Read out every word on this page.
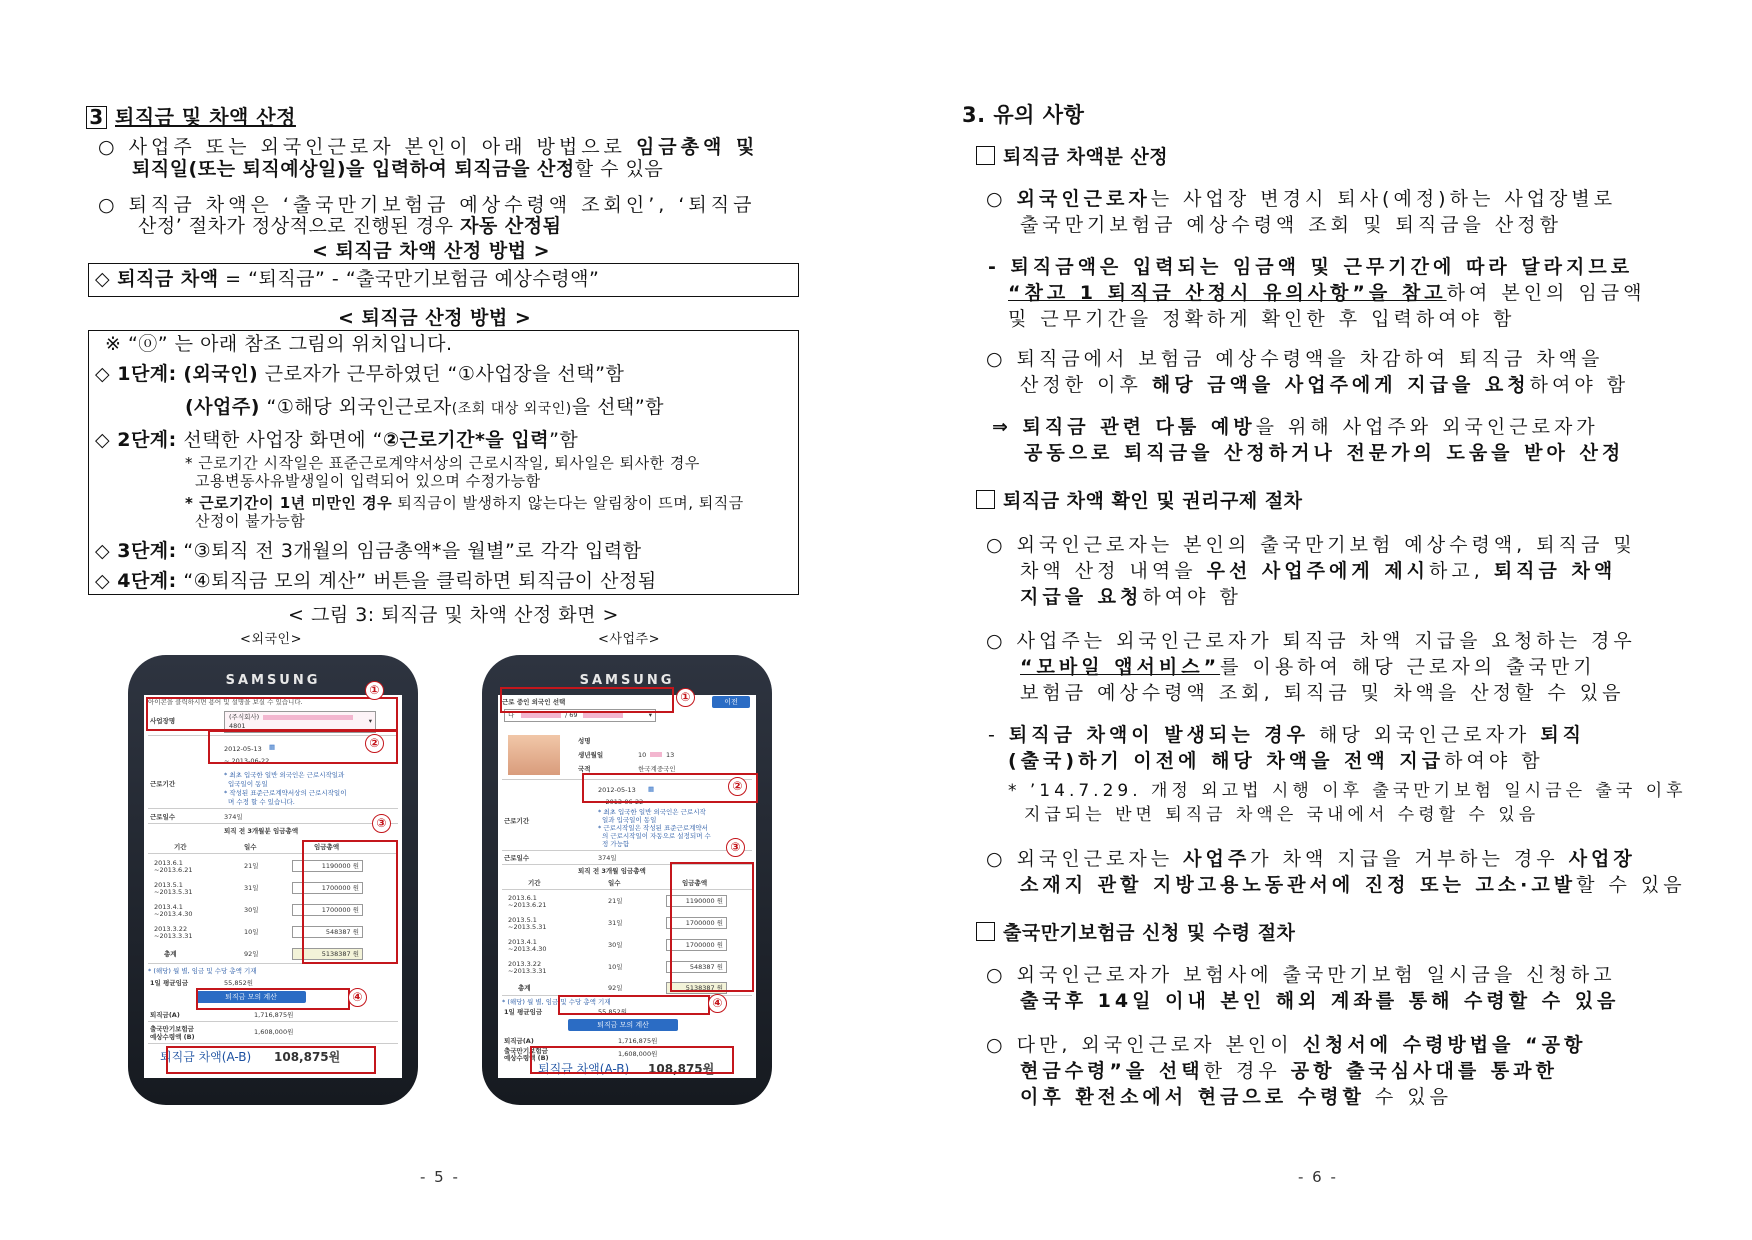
3 퇴직금 및 차액 산정
○ 사업주 또는 외국인근로자 본인이 아래 방법으로 임금총액 및
퇴직일(또는 퇴직예상일)을 입력하여 퇴직금을 산정할 수 있음
○ 퇴직금 차액은 ‘출국만기보험금 예상수령액 조회인’, ‘퇴직금
산정’ 절차가 정상적으로 진행된 경우 자동 산정됨
< 퇴직금 차액 산정 방법 >
◇ 퇴직금 차액 = “퇴직금” - “출국만기보험금 예상수령액”
< 퇴직금 산정 방법 >
※ “ⓞ” 는 아래 참조 그림의 위치입니다.
◇ 1단계: (외국인) 근로자가 근무하였던 “①사업장을 선택”함
(사업주) “①해당 외국인근로자(조회 대상 외국인)을 선택”함
◇ 2단계: 선택한 사업장 화면에 “②근로기간*을 입력”함
* 근로기간 시작일은 표준근로계약서상의 근로시작일, 퇴사일은 퇴사한 경우
고용변동사유발생일이 입력되어 있으며 수정가능함
* 근로기간이 1년 미만인 경우 퇴직금이 발생하지 않는다는 알림창이 뜨며, 퇴직금
산정이 불가능함
◇ 3단계: “③퇴직 전 3개월의 임금총액*을 월별”로 각각 입력함
◇ 4단계: “④퇴직금 모의 계산” 버튼을 클릭하면 퇴직금이 산정됨
< 그림 3: 퇴직금 및 차액 산정 화면 >
<외국인>	<사업주>
SAMSUNG
아이콘을 클릭하시면 용어 및 설명을 보실 수 있습니다.
사업장명	(주식회사)
4801
▾
2012-05-13
~ 2013-06-22
▦
근로기간
* 최초 입국한 일반 외국인은 근로시작일과
입국일이 동일
* 작성된 표준근로계약서상의 근로시작일이
며 수정 할 수 있습니다.
근로일수	374일
퇴직 전 3개월분 임금총액
기간	일수	임금총액
2013.6.1
~2013.6.21	21일	1190000 원
2013.5.1
~2013.5.31	31일	1700000 원
2013.4.1
~2013.4.30	30일	1700000 원
2013.3.22
~2013.3.31	10일	548387 원
총계	92일	5138387 원
* (해당) 월 별, 임금 및 수당 총액 기재
1일 평균임금	55,852원
퇴직금 모의 계산
퇴직금(A)	1,716,875원
출국만기보험금
예상수령액 (B)
1,608,000원
퇴직금 차액(A-B) 108,875원
①
②
③
④
SAMSUNG
근로 중인 외국인 선택	이전
나	/ 69	▾
성명
생년월일	10	13
국적	한국계중국인
2012-05-13
~ 2013-06-22
▦
근로기간
* 최초 입국한 일반 외국인은 근로시작
일과 입국일이 동일
* 근로시작일은 작성된 표준근로계약서
의 근로시작일이 자동으로 설정되며 수
정 가능함
근로일수	374일
퇴직 전 3개월 임금총액
기간	일수	임금총액
2013.6.1
~2013.6.21	21일	1190000 원
2013.5.1
~2013.5.31	31일	1700000 원
2013.4.1
~2013.4.30	30일	1700000 원
2013.3.22
~2013.3.31	10일	548387 원
총계	92일	5138387 원
* (해당) 월 별, 임금 및 수당 총액 기재
1일 평균임금	55,852원
퇴직금 모의 계산
퇴직금(A)	1,716,875원
출국만기보험금
예상수령액 (B)	1,608,000원
퇴직금 차액(A-B) 108,875원
①
②
③
④
- 5 -
3. 유의 사항
퇴직금 차액분 산정
○ 외국인근로자는 사업장 변경시 퇴사(예정)하는 사업장별로
출국만기보험금 예상수령액 조회 및 퇴직금을 산정함
- 퇴직금액은 입력되는 임금액 및 근무기간에 따라 달라지므로
“참고 1 퇴직금 산정시 유의사항”을 참고하여 본인의 임금액
및 근무기간을 정확하게 확인한 후 입력하여야 함
○ 퇴직금에서 보험금 예상수령액을 차감하여 퇴직금 차액을
산정한 이후 해당 금액을 사업주에게 지급을 요청하여야 함
⇒ 퇴직금 관련 다툼 예방을 위해 사업주와 외국인근로자가
공동으로 퇴직금을 산정하거나 전문가의 도움을 받아 산정
퇴직금 차액 확인 및 권리구제 절차
○ 외국인근로자는 본인의 출국만기보험 예상수령액, 퇴직금 및
차액 산정 내역을 우선 사업주에게 제시하고, 퇴직금 차액
지급을 요청하여야 함
○ 사업주는 외국인근로자가 퇴직금 차액 지급을 요청하는 경우
“모바일 앱서비스”를 이용하여 해당 근로자의 출국만기
보험금 예상수령액 조회, 퇴직금 및 차액을 산정할 수 있음
- 퇴직금 차액이 발생되는 경우 해당 외국인근로자가 퇴직
(출국)하기 이전에 해당 차액을 전액 지급하여야 함
* ’14.7.29. 개정 외고법 시행 이후 출국만기보험 일시금은 출국 이후
지급되는 반면 퇴직금 차액은 국내에서 수령할 수 있음
○ 외국인근로자는 사업주가 차액 지급을 거부하는 경우 사업장
소재지 관할 지방고용노동관서에 진정 또는 고소·고발할 수 있음
출국만기보험금 신청 및 수령 절차
○ 외국인근로자가 보험사에 출국만기보험 일시금을 신청하고
출국후 14일 이내 본인 해외 계좌를 통해 수령할 수 있음
○ 다만, 외국인근로자 본인이 신청서에 수령방법을 “공항
현금수령”을 선택한 경우 공항 출국심사대를 통과한
이후 환전소에서 현금으로 수령할 수 있음
- 6 -
